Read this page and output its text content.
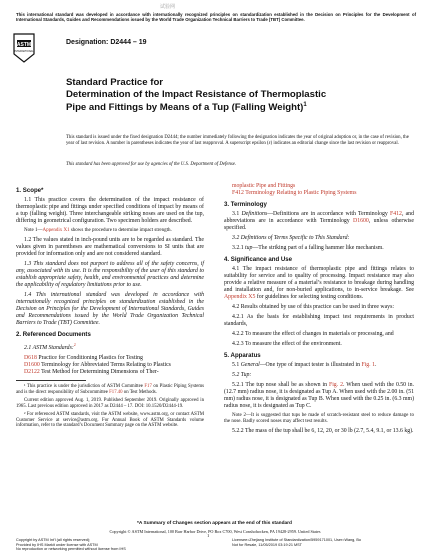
试验网
This international standard was developed in accordance with internationally recognized principles on standardization established in the Decision on Principles for the Development of International Standards, Guides and Recommendations issued by the World Trade Organization Technical Barriers to Trade (TBT) Committee.
ASTM
INTERNATIONAL
Designation: D2444 – 19
Standard Practice for
Determination of the Impact Resistance of Thermoplastic
Pipe and Fittings by Means of a Tup (Falling Weight)$^1$
This standard is issued under the fixed designation D2444; the number immediately following the designation indicates the year of original adoption or, in the case of revision, the year of last revision. A number in parentheses indicates the year of last reapproval. A superscript epsilon (ε) indicates an editorial change since the last revision or reapproval.
This standard has been approved for use by agencies of the U.S. Department of Defense.

1. Scope*

1.1 This practice covers the determination of the impact resistance of thermoplastic pipe and fittings under specified conditions of impact by means of a tup (falling weight). Three interchangeable striking noses are used on the tup, differing in geometrical configuration. Two specimen holders are described.

Note 1—Appendix X1 shows the procedure to determine impact strength.

1.2 The values stated in inch-pound units are to be regarded as standard. The values given in parentheses are mathematical conversions to SI units that are provided for information only and are not considered standard.

1.3 This standard does not purport to address all of the safety concerns, if any, associated with its use. It is the responsibility of the user of this standard to establish appropriate safety, health, and environmental practices and determine the applicability of regulatory limitations prior to use.

1.4 This international standard was developed in accordance with internationally recognized principles on standardization established in the Decision on Principles for the Development of International Standards, Guides and Recommendations issued by the World Trade Organization Technical Barriers to Trade (TBT) Committee.

2. Referenced Documents

2.1 ASTM Standards:$^2$

D618 Practice for Conditioning Plastics for Testing

D1600 Terminology for Abbreviated Terms Relating to Plastics

D2122 Test Method for Determining Dimensions of Ther-

¹ This practice is under the jurisdiction of ASTM Committee F17 on Plastic Piping Systems and is the direct responsibility of Subcommittee F17.40 on Test Methods.

Current edition approved Aug. 1, 2019. Published September 2019. Originally approved in 1965. Last previous edition approved in 2017 as D2444 – 17. DOI: 10.1520/D2444-19.

² For referenced ASTM standards, visit the ASTM website, www.astm.org, or contact ASTM Customer Service at service@astm.org. For Annual Book of ASTM Standards volume information, refer to the standard’s Document Summary page on the ASTM website.

moplastic Pipe and Fittings

F412 Terminology Relating to Plastic Piping Systems

3. Terminology

3.1 Definitions—Definitions are in accordance with Terminology F412, and abbreviations are in accordance with Terminology D1600, unless otherwise specified.

3.2 Definitions of Terms Specific to This Standard:

3.2.1 tup—The striking part of a falling hammer like mechanism.

4. Significance and Use

4.1 The impact resistance of thermoplastic pipe and fittings relates to suitability for service and to quality of processing. Impact resistance may also provide a relative measure of a material’s resistance to breakage during handling and installation and, for non-buried applications, to in-service breakage. See Appendix X5 for guidelines for selecting testing conditions.

4.2 Results obtained by use of this practice can be used in three ways:

4.2.1 As the basis for establishing impact test requirements in product standards,

4.2.2 To measure the effect of changes in materials or processing, and

4.2.3 To measure the effect of the environment.

5. Apparatus

5.1 General—One type of impact tester is illustrated in Fig. 1.

5.2 Tup:

5.2.1 The tup nose shall be as shown in Fig. 2. When used with the 0.50 in. (12.7 mm) radius nose, it is designated as Tup A. When used with the 2.00 in. (51 mm) radius nose, it is designated as Tup B. When used with the 0.25 in. (6.3 mm) radius nose, it is designated as Tup C.

Note 2—It is suggested that tups be made of scratch-resistant steel to reduce damage to the nose. Badly scored noses may affect test results.

5.2.2 The mass of the tup shall be 6, 12, 20, or 30 lb (2.7, 5.4, 9.1, or 13.6 kg).

*A Summary of Changes section appears at the end of this standard
Copyright © ASTM International, 100 Barr Harbor Drive, PO Box C700, West Conshohocken, PA 19428-2959. United States
1
Copyright by ASTM Int'l (all rights reserved);
Provided by IHS Markit under license with ASTM
No reproduction or networking permitted without license from IHS
Licensee=Zhejiang Institute of Standardization/5959171001, User=Wang, Bo
Not for Resale, 11/05/2019 03:19:21 MST
